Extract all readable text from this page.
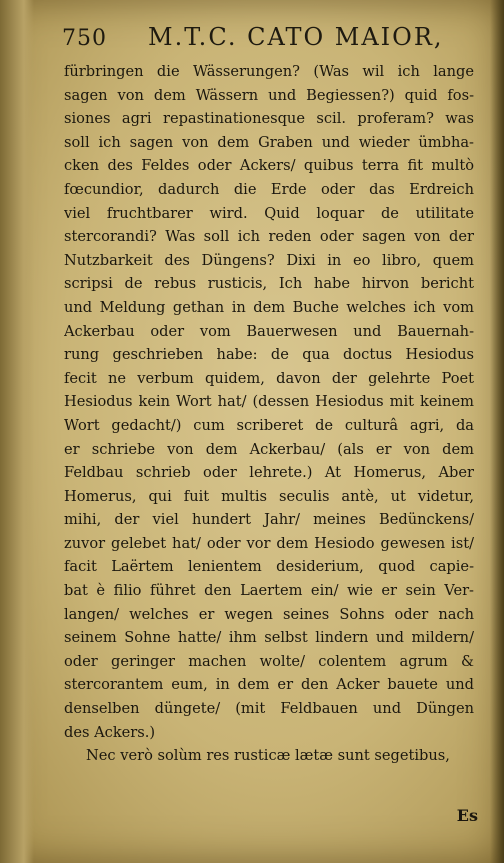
750 M.T.C. CATO MAIOR,
fürbringen die Wässerungen? (Was wil ich lange
sagen von dem Wässern und Begiessen?) quid fos-
siones agri repastinationesque scil. proferam? was
soll ich sagen von dem Graben und wieder ümbha-
cken des Feldes oder Ackers/ quibus terra fit multò
fœcundior, dadurch die Erde oder das Erdreich
viel fruchtbarer wird. Quid loquar de utilitate
stercorandi? Was soll ich reden oder sagen von der
Nutzbarkeit des Düngens? Dixi in eo libro, quem
scripsi de rebus rusticis, Ich habe hirvon bericht
und Meldung gethan in dem Buche welches ich vom
Ackerbau oder vom Bauerwesen und Bauernah-
rung geschrieben habe: de qua doctus Hesiodus
fecit ne verbum quidem, davon der gelehrte Poet
Hesiodus kein Wort hat/ (dessen Hesiodus mit keinem
Wort gedacht/) cum scriberet de culturâ agri, da
er schriebe von dem Ackerbau/ (als er von dem
Feldbau schrieb oder lehrete.) At Homerus, Aber
Homerus, qui fuit multis seculis antè, ut videtur,
mihi, der viel hundert Jahr/ meines Bedünckens/
zuvor gelebet hat/ oder vor dem Hesiodo gewesen ist/
facit Laërtem lenientem desiderium, quod capie-
bat è filio führet den Laertem ein/ wie er sein Ver-
langen/ welches er wegen seines Sohns oder nach
seinem Sohne hatte/ ihm selbst lindern und mildern/
oder geringer machen wolte/ colentem agrum &
stercorantem eum, in dem er den Acker bauete und
denselben düngete/ (mit Feldbauen und Düngen
des Ackers.)
Nec verò solùm res rusticæ lætæ sunt segetibus,
Es
